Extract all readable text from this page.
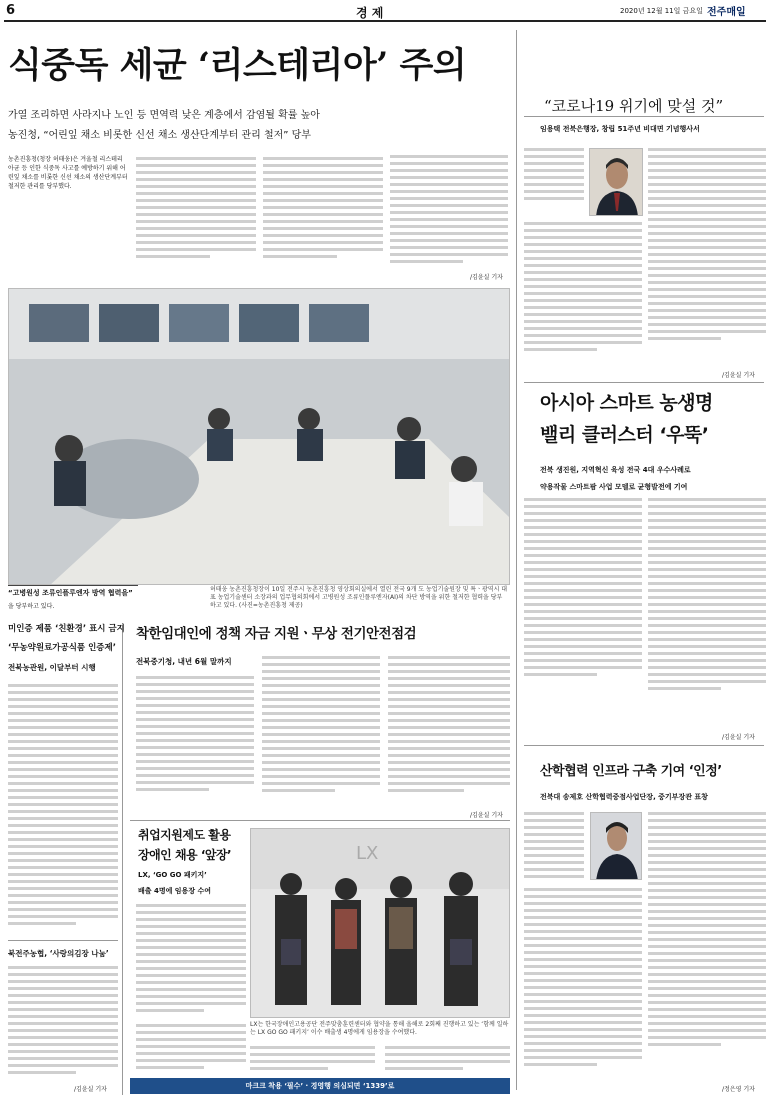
6	경 제	2020년 12월 11일 금요일 전주매일
식중독 세균 ‘리스테리아’ 주의
가열 조리하면 사라지나 노인 등 면역력 낮은 계층에서 감염될 확률 높아
농진청, “어린잎 채소 비롯한 신선 채소 생산단계부터 관리 철저” 당부
농촌진흥청(청장 허태웅)은 겨울철 리스테리아균 등 인한 식중독 사고를 예방하기 위해 어린잎 채소를 비롯한 신선 채소의 생산단계부터 철저한 관리를 당부했다.
/김윤실 기자
“고병원성 조류인플루엔자 방역 협력을”
을 당부하고 있다.
허태웅 농촌진흥청장이 10일 전주시 농촌진흥청 영상회의실에서 열린 전국 9개 도 농업기술원장 및 특ㆍ광역시 대표 농업기술센터 소장과의 업무협의회에서 고병원성 조류인플루엔자(AI)의 차단 방역을 위한 철저한 협력을 당부하고 있다. (사진=농촌진흥청 제공)
“코로나19 위기에 맞설 것”
임용택 전북은행장, 창립 51주년 비대면 기념행사서
/김윤실 기자
아시아 스마트 농생명
밸리 클러스터 ‘우뚝’
전북 생진원, 지역혁신 육성 전국 4대 우수사례로
약용작물 스마트팜 사업 모델로 균형발전에 기여
/김윤실 기자
산학협력 인프라 구축 기여 ‘인정’
전북대 송제호 산학협력중점사업단장, 중기부장관 표창
/정은영 기자
미인증 제품 ‘친환경’ 표시 금지
‘무농약원료가공식품 인증제’
전북농관원, 이달부터 시행
북전주농협, ‘사랑의김장 나눔’
/김윤실 기자
착한임대인에 정책 자금 지원ㆍ무상 전기안전점검
전북중기청, 내년 6월 말까지
/김윤실 기자
취업지원제도 활용
장애인 채용 ‘앞장’
LX, ‘GO GO 패키지’
배출 4명에 임용장 수여
LX
LX는 한국장애인고용공단 전주맞춤훈련센터와 협약을 통해 올해로 2회째 진행하고 있는 ‘함께 일하는 LX GO GO 패키지’ 이수 배출생 4명에게 임용장을 수여했다.
마크크 착용 ‘필수’ · 경영행 의심되면 ‘1339’로
